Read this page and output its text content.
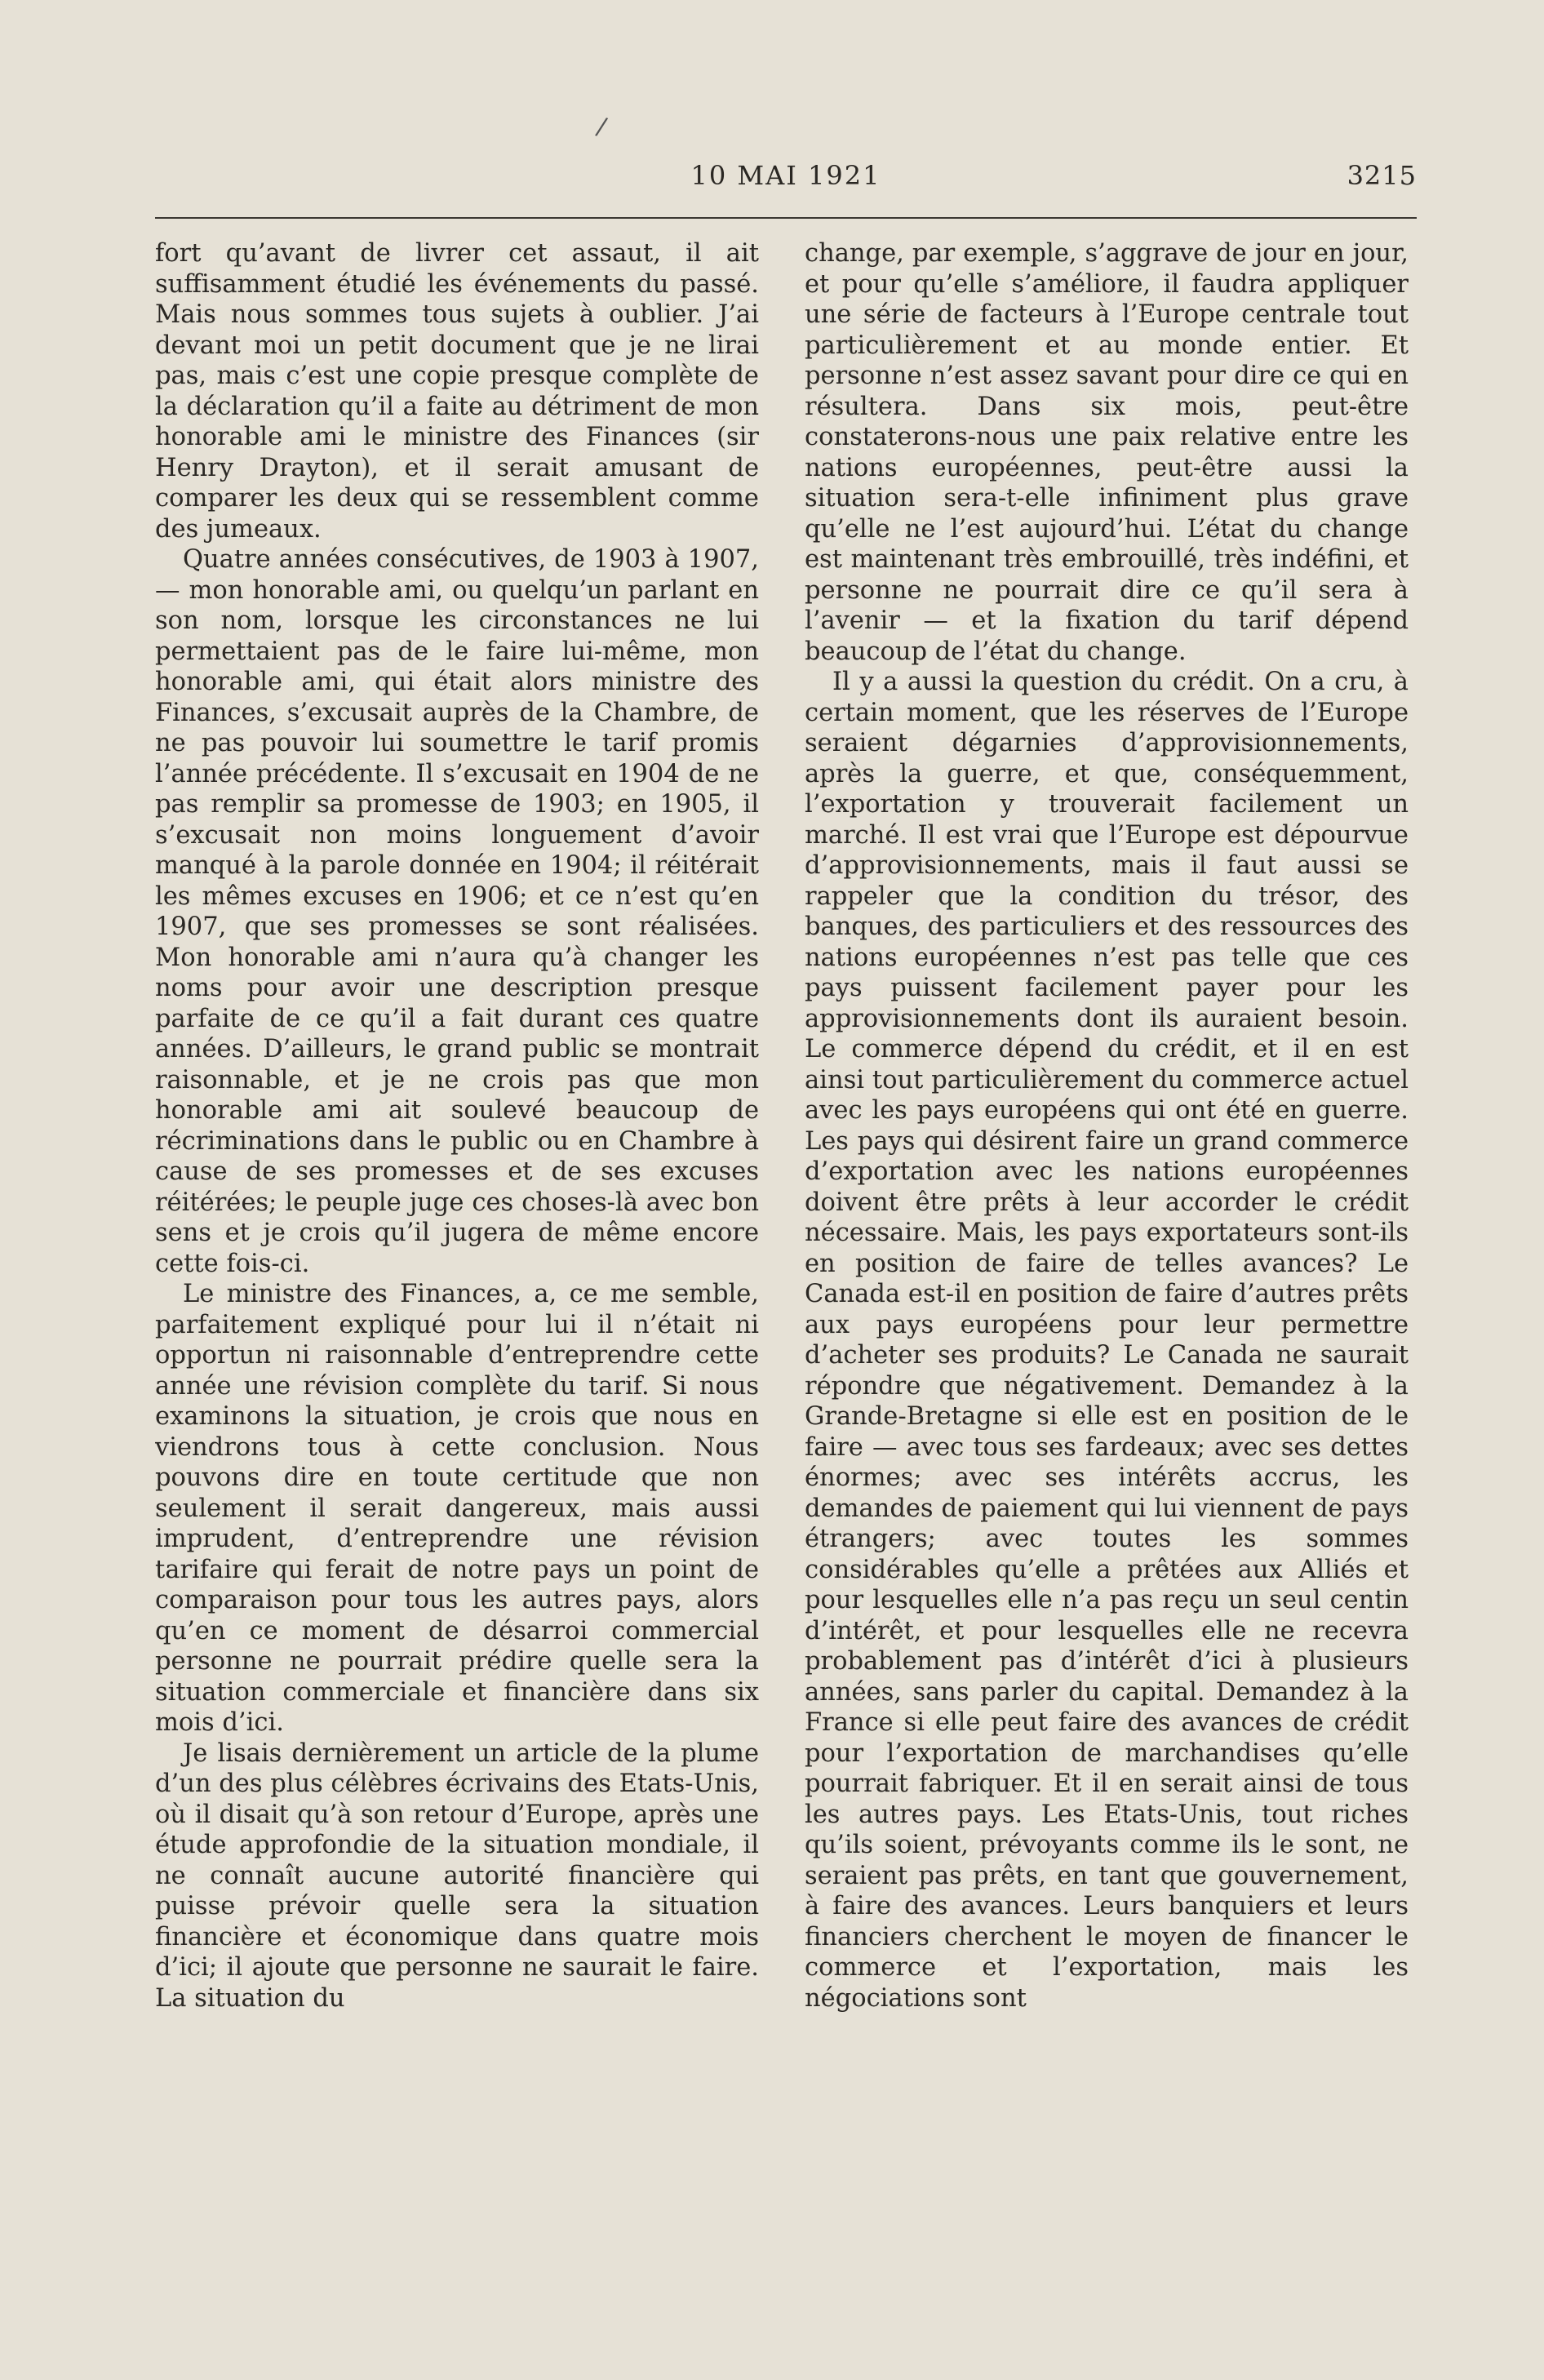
/
10 MAI 1921	3215

fort qu’avant de livrer cet assaut, il ait suffisamment étudié les événements du passé. Mais nous sommes tous sujets à oublier. J’ai devant moi un petit document que je ne lirai pas, mais c’est une copie presque complète de la déclaration qu’il a faite au détriment de mon honorable ami le ministre des Finances (sir Henry Drayton), et il serait amusant de comparer les deux qui se ressemblent comme des jumeaux.

Quatre années consécutives, de 1903 à 1907, — mon honorable ami, ou quelqu’un parlant en son nom, lorsque les circonstances ne lui permettaient pas de le faire lui-même, mon honorable ami, qui était alors ministre des Finances, s’excusait auprès de la Chambre, de ne pas pouvoir lui soumettre le tarif promis l’année précédente. Il s’excusait en 1904 de ne pas remplir sa promesse de 1903; en 1905, il s’excusait non moins longuement d’avoir manqué à la parole donnée en 1904; il réitérait les mêmes excuses en 1906; et ce n’est qu’en 1907, que ses promesses se sont réalisées. Mon honorable ami n’aura qu’à changer les noms pour avoir une description presque parfaite de ce qu’il a fait durant ces quatre années. D’ailleurs, le grand public se montrait raisonnable, et je ne crois pas que mon honorable ami ait soulevé beaucoup de récriminations dans le public ou en Chambre à cause de ses promesses et de ses excuses réitérées; le peuple juge ces choses-là avec bon sens et je crois qu’il jugera de même encore cette fois-ci.

Le ministre des Finances, a, ce me semble, parfaitement expliqué pour lui il n’était ni opportun ni raisonnable d’entreprendre cette année une révision complète du tarif. Si nous examinons la situation, je crois que nous en viendrons tous à cette conclusion. Nous pouvons dire en toute certitude que non seulement il serait dangereux, mais aussi imprudent, d’entreprendre une révision tarifaire qui ferait de notre pays un point de comparaison pour tous les autres pays, alors qu’en ce moment de désarroi commercial personne ne pourrait prédire quelle sera la situation commerciale et financière dans six mois d’ici.

Je lisais dernièrement un article de la plume d’un des plus célèbres écrivains des Etats-Unis, où il disait qu’à son retour d’Europe, après une étude approfondie de la situation mondiale, il ne connaît aucune autorité financière qui puisse prévoir quelle sera la situation financière et économique dans quatre mois d’ici; il ajoute que personne ne saurait le faire. La situation du

change, par exemple, s’aggrave de jour en jour, et pour qu’elle s’améliore, il faudra appliquer une série de facteurs à l’Europe centrale tout particulièrement et au monde entier. Et personne n’est assez savant pour dire ce qui en résultera. Dans six mois, peut-être constaterons-nous une paix relative entre les nations européennes, peut-être aussi la situation sera-t-elle infiniment plus grave qu’elle ne l’est aujourd’hui. L’état du change est maintenant très embrouillé, très indéfini, et personne ne pourrait dire ce qu’il sera à l’avenir — et la fixation du tarif dépend beaucoup de l’état du change.

Il y a aussi la question du crédit. On a cru, à certain moment, que les réserves de l’Europe seraient dégarnies d’approvisionnements, après la guerre, et que, conséquemment, l’exportation y trouverait facilement un marché. Il est vrai que l’Europe est dépourvue d’approvisionnements, mais il faut aussi se rappeler que la condition du trésor, des banques, des particuliers et des ressources des nations européennes n’est pas telle que ces pays puissent facilement payer pour les approvisionnements dont ils auraient besoin. Le commerce dépend du crédit, et il en est ainsi tout particulièrement du commerce actuel avec les pays européens qui ont été en guerre. Les pays qui désirent faire un grand commerce d’exportation avec les nations européennes doivent être prêts à leur accorder le crédit nécessaire. Mais, les pays exportateurs sont-ils en position de faire de telles avances? Le Canada est-il en position de faire d’autres prêts aux pays européens pour leur permettre d’acheter ses produits? Le Canada ne saurait répondre que négativement. Demandez à la Grande-Bretagne si elle est en position de le faire — avec tous ses fardeaux; avec ses dettes énormes; avec ses intérêts accrus, les demandes de paiement qui lui viennent de pays étrangers; avec toutes les sommes considérables qu’elle a prêtées aux Alliés et pour lesquelles elle n’a pas reçu un seul centin d’intérêt, et pour lesquelles elle ne recevra probablement pas d’intérêt d’ici à plusieurs années, sans parler du capital. Demandez à la France si elle peut faire des avances de crédit pour l’exportation de marchandises qu’elle pourrait fabriquer. Et il en serait ainsi de tous les autres pays. Les Etats-Unis, tout riches qu’ils soient, prévoyants comme ils le sont, ne seraient pas prêts, en tant que gouvernement, à faire des avances. Leurs banquiers et leurs financiers cherchent le moyen de financer le commerce et l’exportation, mais les négociations sont
